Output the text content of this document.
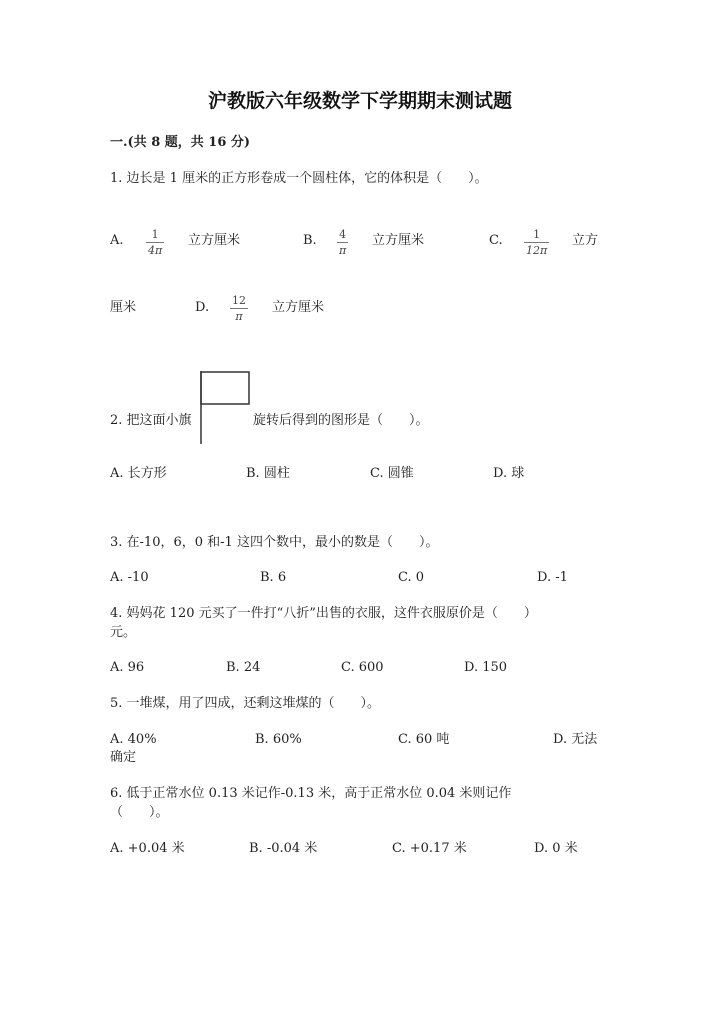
沪教版六年级数学下学期期末测试题
一.(共 8 题，共 16 分)
1. 边长是 1 厘米的正方形卷成一个圆柱体，它的体积是（　　）。
A.	1
4π
立方厘米	B. 4
π
立方厘米	C.	1
12π
立方
厘米	D. 12
π
立方厘米
2. 把这面小旗	旋转后得到的图形是（　　）。
A. 长方形	B. 圆柱	C. 圆锥	D. 球
3. 在-10，6，0 和-1 这四个数中，最小的数是（　　）。
A. -10	B. 6	C. 0	D. -1
4. 妈妈花 120 元买了一件打“八折”出售的衣服，这件衣服原价是（　　）
元。
A. 96	B. 24	C. 600	D. 150
5. 一堆煤，用了四成，还剩这堆煤的（　　）。
A. 40%	B. 60%	C. 60 吨	D. 无法
确定
6. 低于正常水位 0.13 米记作-0.13 米，高于正常水位 0.04 米则记作
（　　）。
A. +0.04 米	B. -0.04 米	C. +0.17 米	D. 0 米
